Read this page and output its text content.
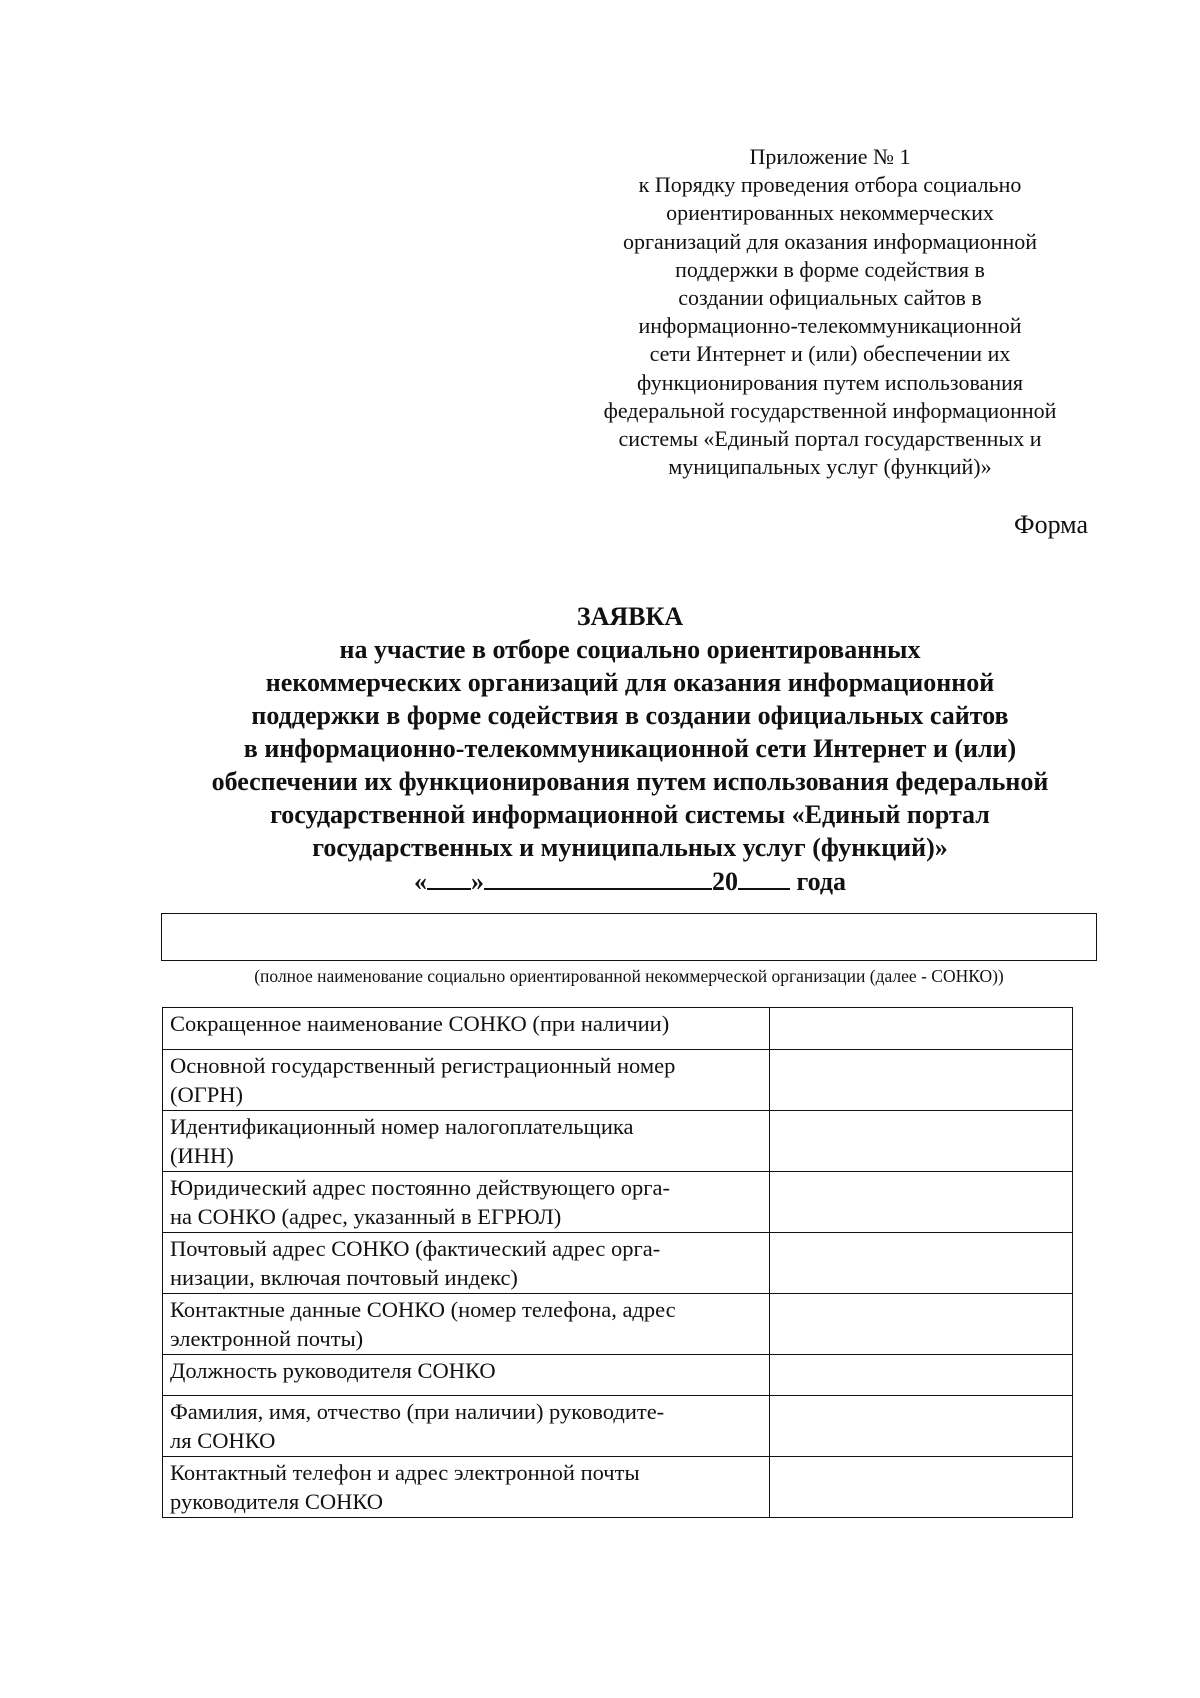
Приложение № 1
к Порядку проведения отбора социально
ориентированных некоммерческих
организаций для оказания информационной
поддержки в форме содействия в
создании официальных сайтов в
информационно-телекоммуникационной
сети Интернет и (или) обеспечении их
функционирования путем использования
федеральной государственной информационной
системы «Единый портал государственных и
муниципальных услуг (функций)»
Форма
ЗАЯВКА
на участие в отборе социально ориентированных
некоммерческих организаций для оказания информационной
поддержки в форме содействия в создании официальных сайтов
в информационно-телекоммуникационной сети Интернет и (или)
обеспечении их функционирования путем использования федеральной
государственной информационной системы «Единый портал
государственных и муниципальных услуг (функций)»
« »	20 года
(полное наименование социально ориентированной некоммерческой организации (далее - СОНКО))
Сокращенное наименование СОНКО (при наличии)	

Основной государственный регистрационный номер
(ОГРН)	

Идентификационный номер налогоплательщика
(ИНН)	

Юридический адрес постоянно действующего орга-
на СОНКО (адрес, указанный в ЕГРЮЛ)	

Почтовый адрес СОНКО (фактический адрес орга-
низации, включая почтовый индекс)	

Контактные данные СОНКО (номер телефона, адрес
электронной почты)	

Должность руководителя СОНКО	

Фамилия, имя, отчество (при наличии) руководите-
ля СОНКО	

Контактный телефон и адрес электронной почты
руководителя СОНКО	
